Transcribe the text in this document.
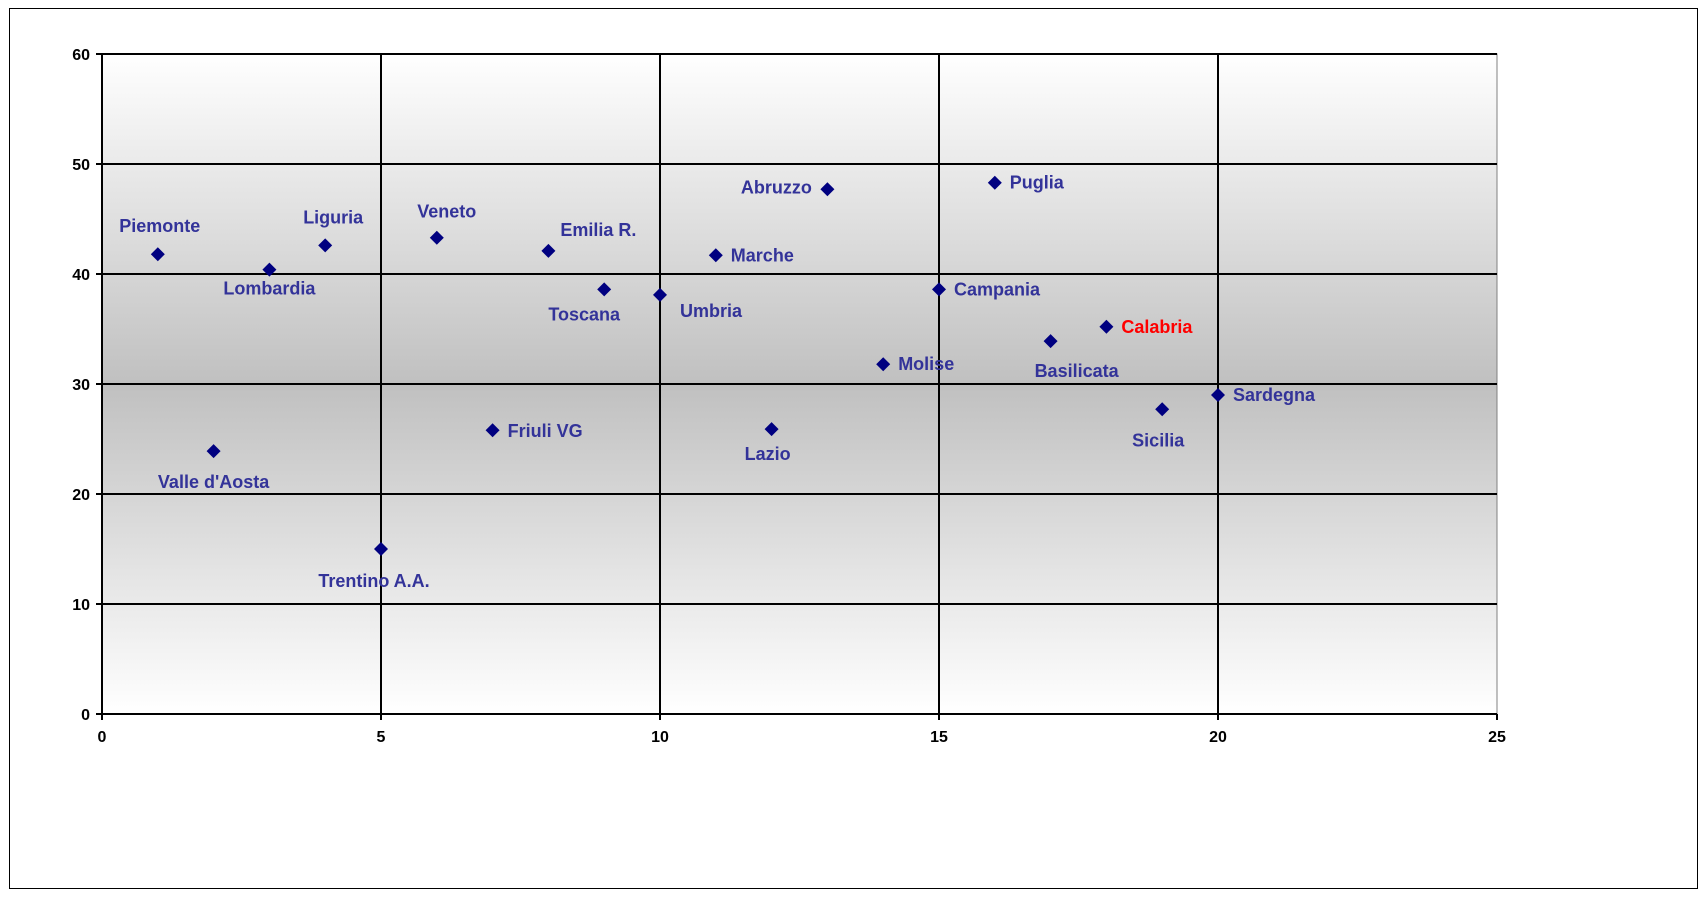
0
10
20
30
40
50
60
0	5	10	15	20	25
Piemonte
Valle d'Aosta
Lombardia
Liguria
Trentino A.A.
Veneto
Friuli VG
Emilia R.
Toscana	Umbria
Marche
Lazio
Abruzzo
Molise
Campania
Puglia
Basilicata
Calabria
Sicilia
Sardegna
